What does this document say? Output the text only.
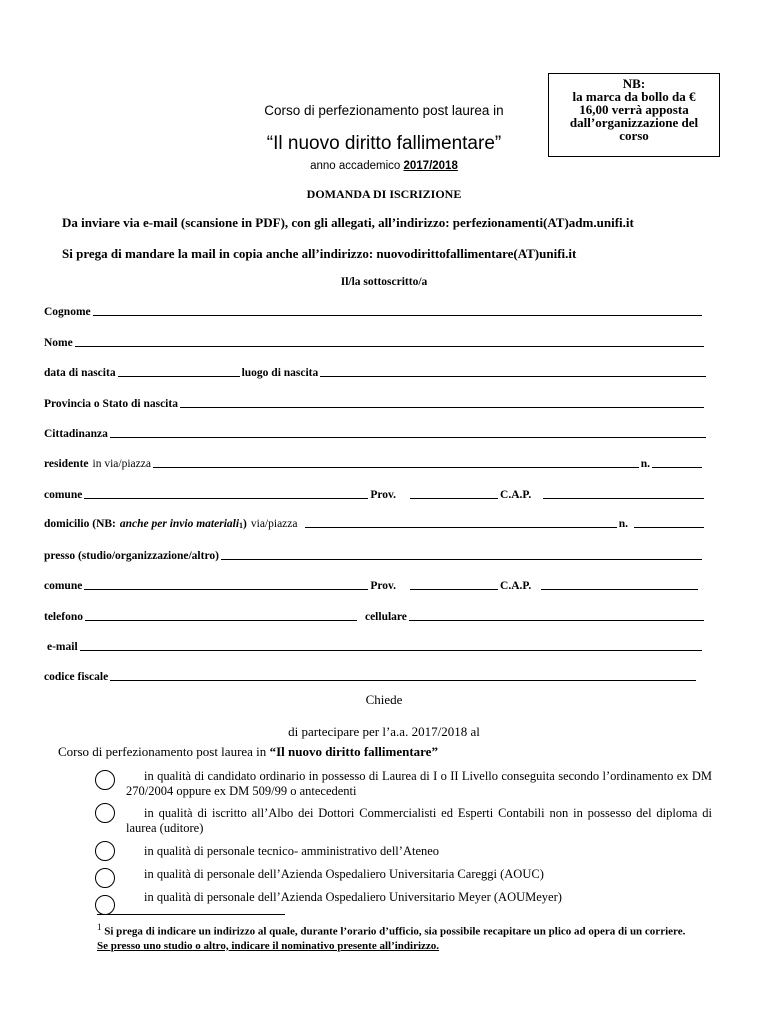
NB:
la marca da bollo da €
16,00 verrà apposta
dall’organizzazione del
corso
Corso di perfezionamento post laurea in
“Il nuovo diritto fallimentare”
anno accademico 2017/2018
DOMANDA DI ISCRIZIONE
Da inviare via e-mail (scansione in PDF), con gli allegati, all’indirizzo: perfezionamenti(AT)adm.unifi.it
Si prega di mandare la mail in copia anche all’indirizzo: nuovodirittofallimentare(AT)unifi.it
Il/la sottoscritto/a
Cognome
Nome
data di nascita	luogo di nascita
Provincia o Stato di nascita
Cittadinanza
residente in via/piazza	n.
comune	Prov.	C.A.P.
domicilio (NB: anche per invio materiali 1 ) via/piazza	n.
presso (studio/organizzazione/altro)
comune	Prov.	C.A.P.
telefono	cellulare
e-mail
codice fiscale
Chiede
di partecipare per l’a.a. 2017/2018 al
Corso di perfezionamento post laurea in “Il nuovo diritto fallimentare”
in qualità di candidato ordinario in possesso di Laurea di I o II Livello conseguita secondo l’ordinamento ex DM 270/2004 oppure ex DM 509/99 o antecedenti
in qualità di iscritto all’Albo dei Dottori Commercialisti ed Esperti Contabili non in possesso del diploma di laurea (uditore)
in qualità di personale tecnico- amministrativo dell’Ateneo
in qualità di personale dell’Azienda Ospedaliero Universitaria Careggi (AOUC)
in qualità di personale dell’Azienda Ospedaliero Universitario Meyer (AOUMeyer)
$^1$ Si prega di indicare un indirizzo al quale, durante l’orario d’ufficio, sia possibile recapitare un plico ad opera di un corriere. Se presso uno studio o altro, indicare il nominativo presente all’indirizzo.
